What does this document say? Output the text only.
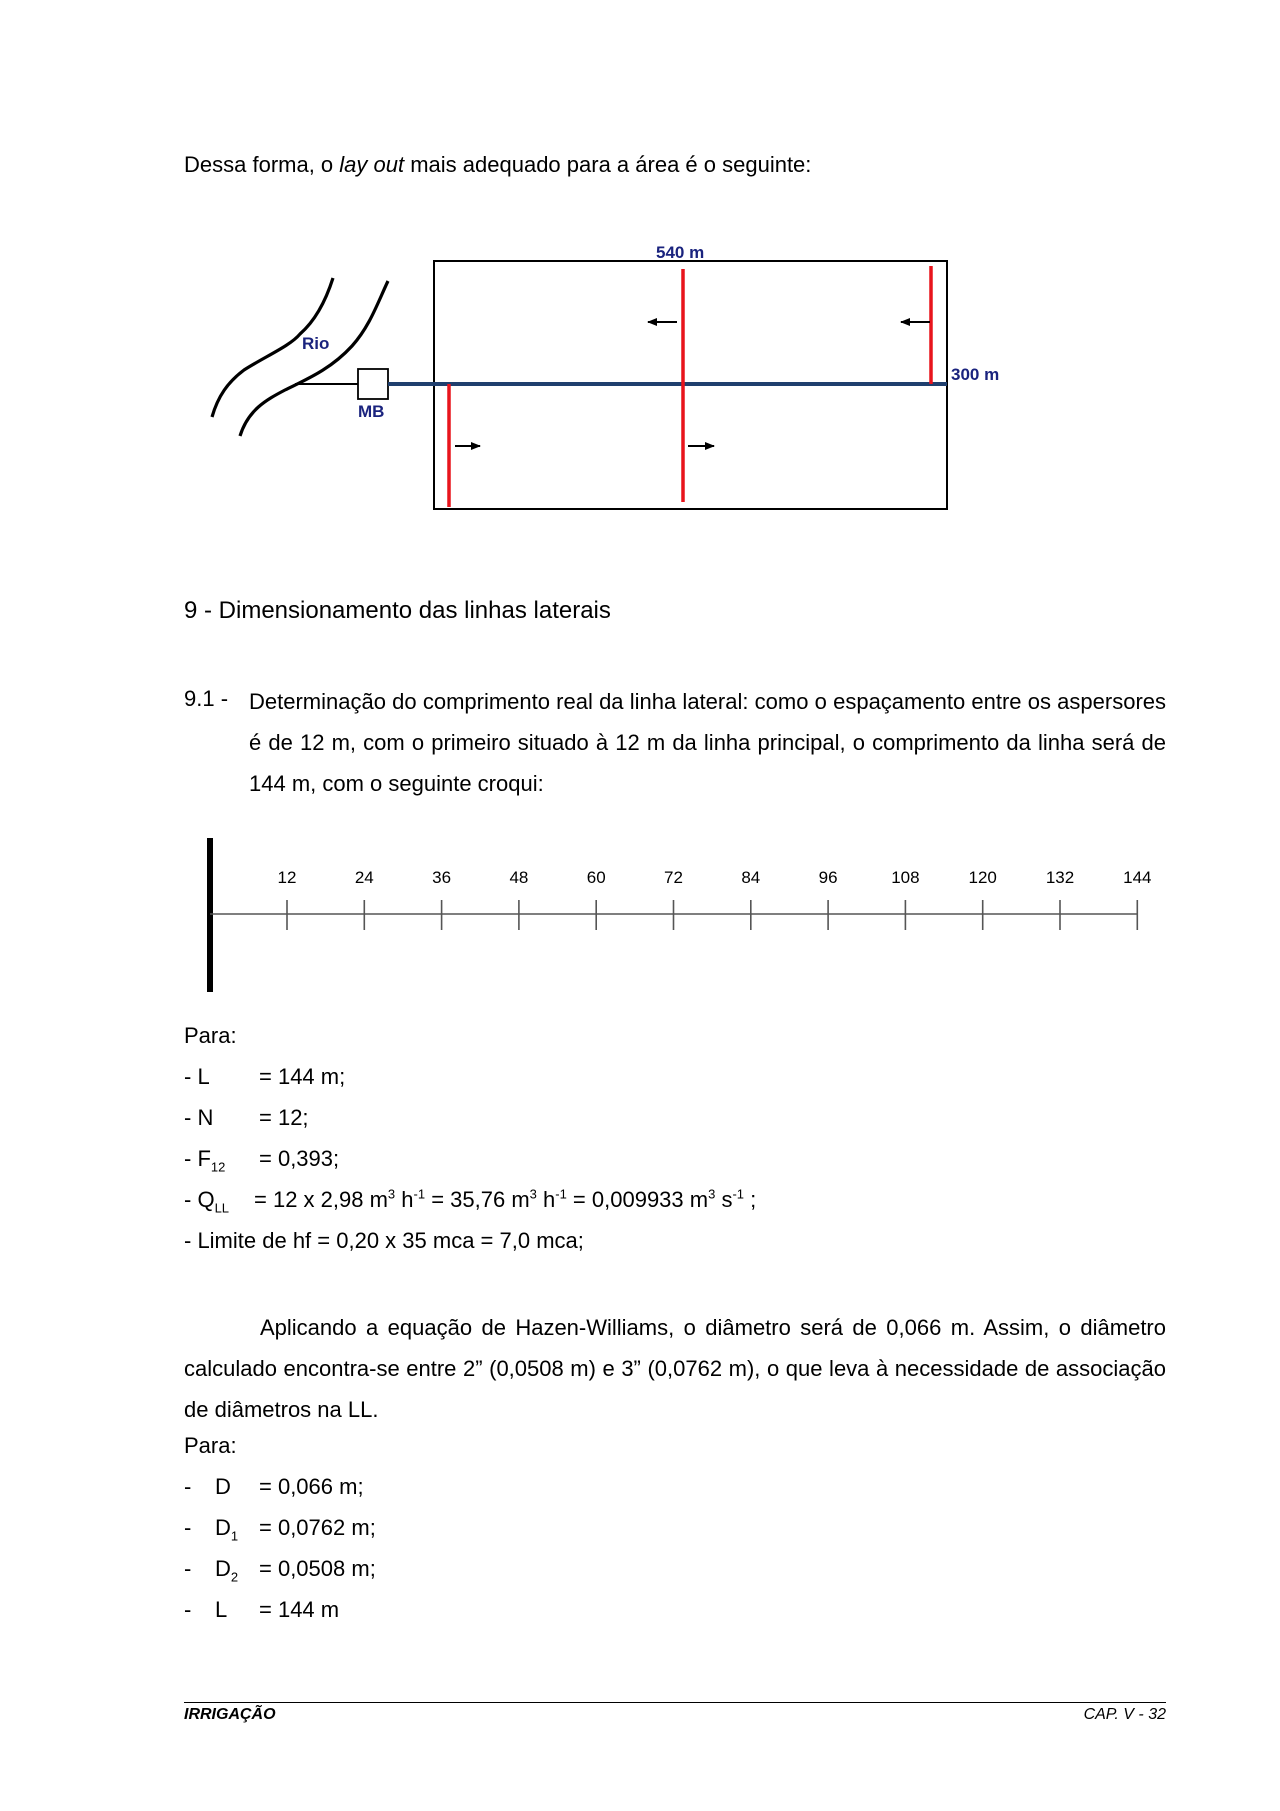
Dessa forma, o lay out mais adequado para a área é o seguinte:
540 m
300 m
Rio
MB
9 - Dimensionamento das linhas laterais
9.1 - Determinação do comprimento real da linha lateral: como o espaçamento entre os aspersores é de 12 m, com o primeiro situado à 12 m da linha principal, o comprimento da linha será de 144 m, com o seguinte croqui:
12	24	36	48	60	72	84	96	108	120	132	144
Para:
- L = 144 m;
- N = 12;
- $F_{12} = 0,393$;
- $Q_{LL} = 12$ x 2,98 $m^3$ $h^{-1} = 35,76$ $m^3$ $h^{-1} = 0,009933$ $m^3$ $s^{-1}$ ;
- Limite de hf = 0,20 x 35 mca = 7,0 mca;
Aplicando a equação de Hazen-Williams, o diâmetro será de 0,066 m. Assim, o diâmetro calculado encontra-se entre 2” (0,0508 m) e 3” (0,0762 m), o que leva à necessidade de associação de diâmetros na LL.
Para:
- D = 0,066 m;
- $D_1 = 0,0762$ m;
- $D_2 = 0,0508$ m;
- L = 144 m
IRRIGAÇÃO	CAP. V - 32
